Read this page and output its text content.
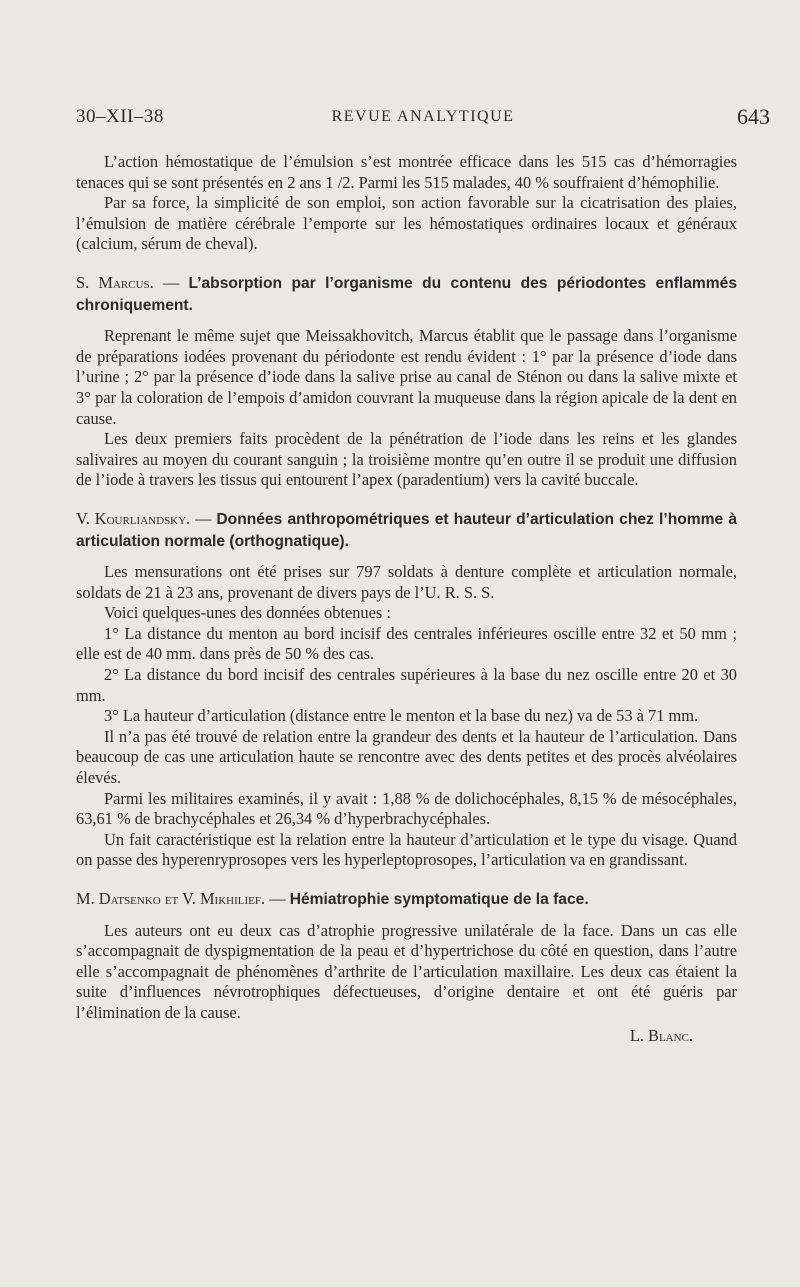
30–XII–38	REVUE ANALYTIQUE	643

L’action hémostatique de l’émulsion s’est montrée efficace dans les 515 cas d’hémorragies tenaces qui se sont présentés en 2 ans 1 /2. Parmi les 515 malades, 40 % souffraient d’hémophilie.

Par sa force, la simplicité de son emploi, son action favorable sur la cicatrisation des plaies, l’émulsion de matière cérébrale l’emporte sur les hémostatiques ordinaires locaux et généraux (calcium, sérum de cheval).

S. Marcus. — L’absorption par l’organisme du contenu des périodontes enflammés chroniquement.

Reprenant le même sujet que Meissakhovitch, Marcus établit que le passage dans l’organisme de préparations iodées provenant du périodonte est rendu évident : 1° par la présence d’iode dans l’urine ; 2° par la présence d’iode dans la salive prise au canal de Sténon ou dans la salive mixte et 3° par la coloration de l’empois d’amidon couvrant la muqueuse dans la région apicale de la dent en cause.

Les deux premiers faits procèdent de la pénétration de l’iode dans les reins et les glandes salivaires au moyen du courant sanguin ; la troisième montre qu’en outre il se produit une diffusion de l’iode à travers les tissus qui entourent l’apex (paradentium) vers la cavité buccale.

V. Kourliandsky. — Données anthropométriques et hauteur d’articulation chez l’homme à articulation normale (orthognatique).

Les mensurations ont été prises sur 797 soldats à denture complète et articulation normale, soldats de 21 à 23 ans, provenant de divers pays de l’U. R. S. S.

Voici quelques-unes des données obtenues :

1° La distance du menton au bord incisif des centrales inférieures oscille entre 32 et 50 mm ; elle est de 40 mm. dans près de 50 % des cas.

2° La distance du bord incisif des centrales supérieures à la base du nez oscille entre 20 et 30 mm.

3° La hauteur d’articulation (distance entre le menton et la base du nez) va de 53 à 71 mm.

Il n’a pas été trouvé de relation entre la grandeur des dents et la hauteur de l’articulation. Dans beaucoup de cas une articulation haute se rencontre avec des dents petites et des procès alvéolaires élevés.

Parmi les militaires examinés, il y avait : 1,88 % de dolichocéphales, 8,15 % de mésocéphales, 63,61 % de brachycéphales et 26,34 % d’hyperbrachycéphales.

Un fait caractéristique est la relation entre la hauteur d’articulation et le type du visage. Quand on passe des hyperenryprosopes vers les hyperleptoprosopes, l’articulation va en grandissant.

M. Datsenko et V. Mikhilief. — Hémiatrophie symptomatique de la face.

Les auteurs ont eu deux cas d’atrophie progressive unilatérale de la face. Dans un cas elle s’accompagnait de dyspigmentation de la peau et d’hypertrichose du côté en question, dans l’autre elle s’accompagnait de phénomènes d’arthrite de l’articulation maxillaire. Les deux cas étaient la suite d’influences névrotrophiques défectueuses, d’origine dentaire et ont été guéris par l’élimination de la cause.

L. Blanc.
